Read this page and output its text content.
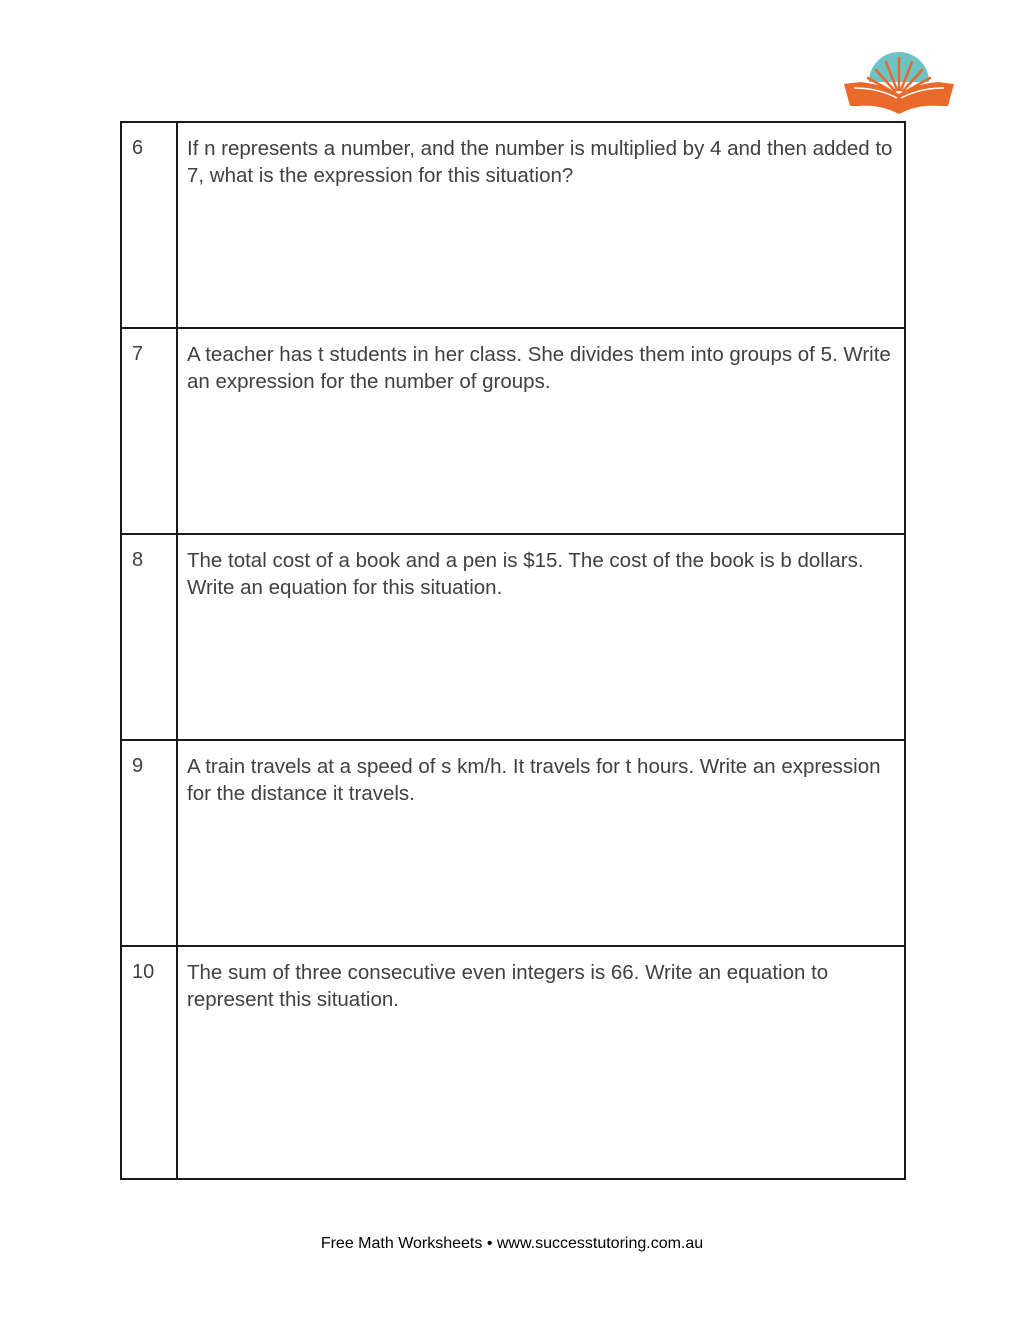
6	If n represents a number, and the number is multiplied by 4 and then added to 7, what is the expression for this situation?
7	A teacher has t students in her class. She divides them into groups of 5. Write an expression for the number of groups.
8	The total cost of a book and a pen is $15. The cost of the book is b dollars. Write an equation for this situation.
9	A train travels at a speed of s km/h. It travels for t hours. Write an expression for the distance it travels.
10	The sum of three consecutive even integers is 66. Write an equation to represent this situation.
Free Math Worksheets • www.successtutoring.com.au
